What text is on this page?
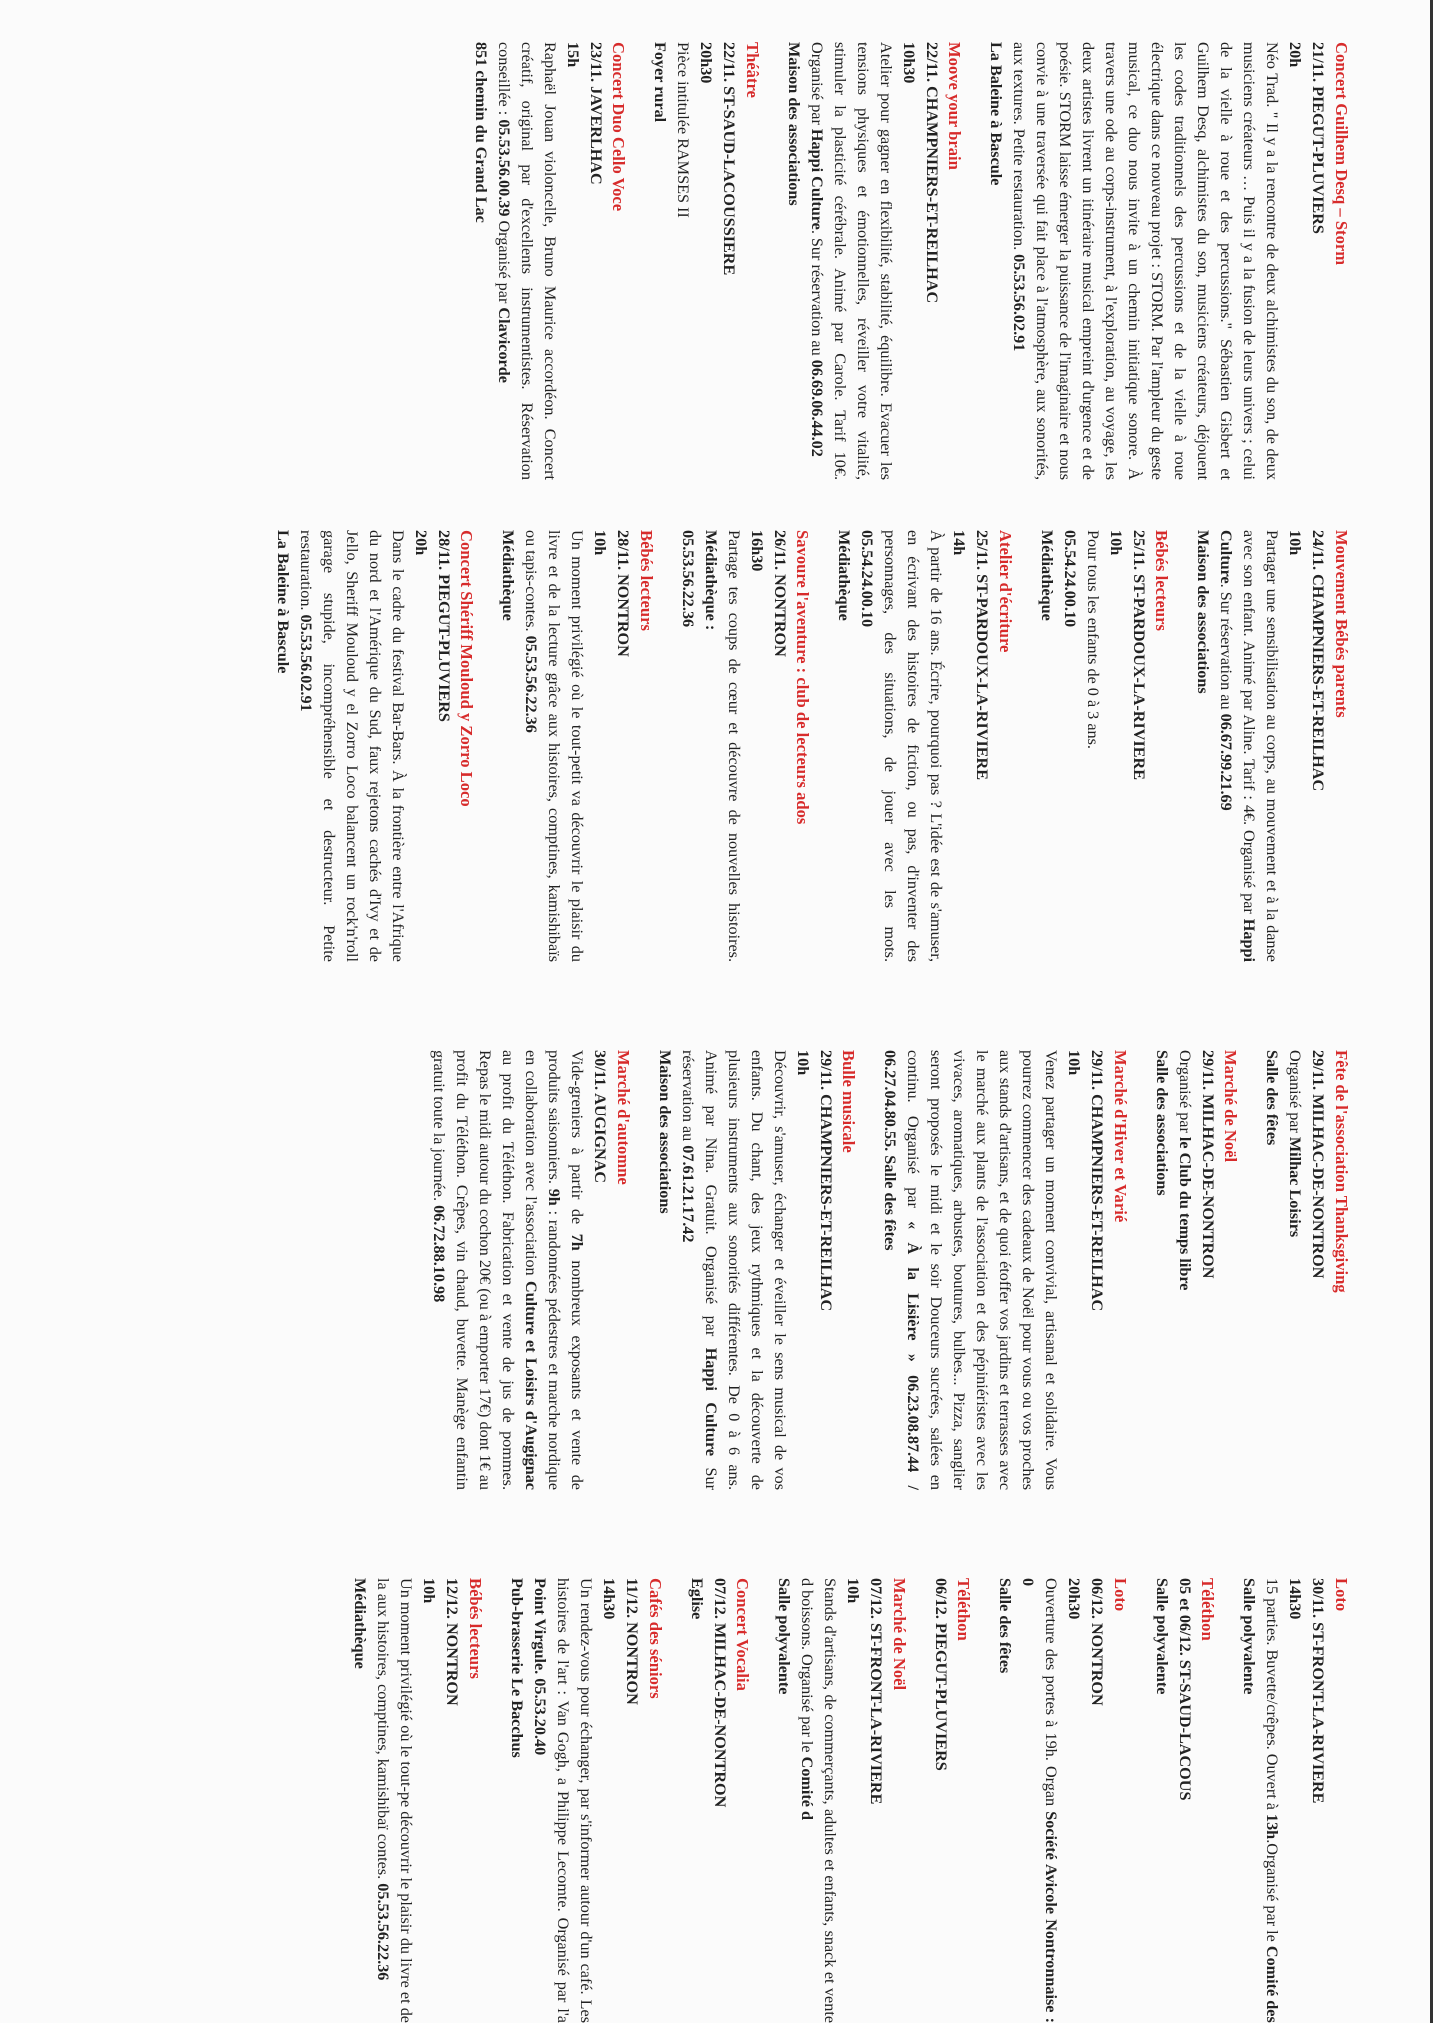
Concert Guilhem Desq – Storm
21/11. PIEGUT-PLUVIERS
20h

Néo Trad. " Il y a la rencontre de deux alchimistes du son, de deux musiciens créateurs … Puis il y a la fusion de leurs univers ; celui de la vielle à roue et des percussions." Sébastien Gisbert et Guilhem Desq, alchimistes du son, musiciens créateurs, déjouent les codes traditionnels des percussions et de la vielle à roue électrique dans ce nouveau projet : STORM. Par l'ampleur du geste musical, ce duo nous invite à un chemin initiatique sonore. À travers une ode au corps-instrument, à l'exploration, au voyage, les deux artistes livrent un itinéraire musical empreint d'urgence et de poésie. STORM laisse émerger la puissance de l'imaginaire et nous convie à une traversée qui fait place à l'atmosphère, aux sonorités, aux textures. Petite restauration. 05.53.56.02.91

La Baleine à Bascule
Moove your brain
22/11. CHAMPNIERS-ET-REILHAC
10h30

Atelier pour gagner en flexibilité, stabilité, équilibre. Evacuer les tensions physiques et émotionnelles, réveiller votre vitalité, stimuler la plasticité cérébrale. Animé par Carole. Tarif 10€. Organisé par Happi Culture. Sur réservation au 06.69.06.44.02

Maison des associations
Théâtre
22/11. ST-SAUD-LACOUSSIERE
20h30

Pièce intitulée RAMSES II

Foyer rural
Concert Duo Cello Voce
23/11. JAVERLHAC
15h

Raphaël Jouan violoncelle, Bruno Maurice accordéon. Concert créatif, original par d'excellents instrumentistes. Réservation conseillée : 05.53.56.00.39 Organisé par Clavicorde

851 chemin du Grand Lac
Mouvement Bébés parents
24/11. CHAMPNIERS-ET-REILHAC
10h

Partager une sensibilisation au corps, au mouvement et à la danse avec son enfant. Animé par Aline. Tarif : 4€. Organisé par Happi Culture. Sur réservation au 06.67.99.21.69

Maison des associations
Bébés lecteurs
25/11. ST-PARDOUX-LA-RIVIERE
10h

Pour tous les enfants de 0 à 3 ans.

05.54.24.00.10
Médiathèque
Atelier d'écriture
25/11. ST-PARDOUX-LA-RIVIERE
14h

À partir de 16 ans. Écrire, pourquoi pas ? L'idée est de s'amuser, en écrivant des histoires de fiction, ou pas, d'inventer des personnages, des situations, de jouer avec les mots. 05.54.24.00.10

Médiathèque
Savoure l'aventure : club de lecteurs ados
26/11. NONTRON
16h30

Partage tes coups de cœur et découvre de nouvelles histoires. Médiathèque :

05.53.56.22.36
Bébés lecteurs
28/11. NONTRON
10h

Un moment privilégié où le tout-petit va découvrir le plaisir du livre et de la lecture grâce aux histoires, comptines, kamishibaïs ou tapis-contes. 05.53.56.22.36

Médiathèque
Concert Shériff Mouloud y Zorro Loco
28/11. PIEGUT-PLUVIERS
20h

Dans le cadre du festival Bar-Bars. À la frontière entre l'Afrique du nord et l'Amérique du Sud, faux rejetons cachés d'Ivy et de Jello, Sheriff Mouloud y el Zorro Loco balancent un rock'n'roll garage stupide, incompréhensible et destructeur. Petite restauration. 05.53.56.02.91

La Baleine à Bascule
Fête de l'association Thanksgiving
29/11. MILHAC-DE-NONTRON

Organisé par Milhac Loisirs

Salle des fêtes
Marché de Noël
29/11. MILHAC-DE-NONTRON

Organisé par le Club du temps libre

Salle des associations
Marché d'Hiver et Varié
29/11. CHAMPNIERS-ET-REILHAC
10h

Venez partager un moment convivial, artisanal et solidaire. Vous pourrez commencer des cadeaux de Noël pour vous ou vos proches aux stands d'artisans, et de quoi étoffer vos jardins et terrasses avec le marché aux plants de l'association et des pépiniéristes avec les vivaces, aromatiques, arbustes, boutures, bulbes... Pizza, sanglier seront proposés le midi et le soir Douceurs sucrées, salées en continu. Organisé par « À la Lisière » 06.23.08.87.44 / 06.27.04.80.55. Salle des fêtes

Bulle musicale
29/11. CHAMPNIERS-ET-REILHAC
10h

Découvrir, s'amuser, échanger et éveiller le sens musical de vos enfants. Du chant, des jeux rythmiques et la découverte de plusieurs instruments aux sonorités différentes. De 0 à 6 ans. Animé par Nina. Gratuit. Organisé par Happi Culture Sur réservation au 07.61.21.17.42

Maison des associations
Marché d'automne
30/11. AUGIGNAC

Vide-greniers à partir de 7h nombreux exposants et vente de produits saisonniers. 9h : randonnées pédestres et marche nordique en collaboration avec l'association Culture et Loisirs d'Augignac au profit du Téléthon. Fabrication et vente de jus de pommes. Repas le midi autour du cochon 20€ (ou à emporter 17€) dont 1€ au profit du Téléthon. Crêpes, vin chaud, buvette. Manège enfantin gratuit toute la journée. 06.72.88.10.98

Loto
30/11. ST-FRONT-LA-RIVIERE
14h30

15 parties. Buvette/crêpes. Ouvert à 13h.Organisé par le Comité des

Salle polyvalente
Téléthon
05 et 06/12. ST-SAUD-LACOUS
Salle polyvalente
Loto
06/12. NONTRON
20h30

Ouverture des portes à 19h. Organ Société Avicole Nontronnaise : 0

Salle des fêtes
Téléthon
06/12. PIEGUT-PLUVIERS
Marché de Noël
07/12. ST-FRONT-LA-RIVIERE
10h

Stands d'artisans, de commerçants, adultes et enfants, snack et vente d boissons. Organisé par le Comité d

Salle polyvalente
Concert Vocalia
07/12. MILHAC-DE-NONTRON
Eglise
Cafés des séniors
11/12. NONTRON
14h30

Un rendez-vous pour échanger, par s'informer autour d'un café. Les histoires de l'art : Van Gogh, a Philippe Lecomte. Organisé par l'a Point Virgule. 05.53.20.40

Pub-brasserie Le Bacchus
Bébés lecteurs
12/12. NONTRON
10h

Un moment privilégié où le tout-pe découvrir le plaisir du livre et de la aux histoires, comptines, kamishibaï contes. 05.53.56.22.36

Médiathèque
